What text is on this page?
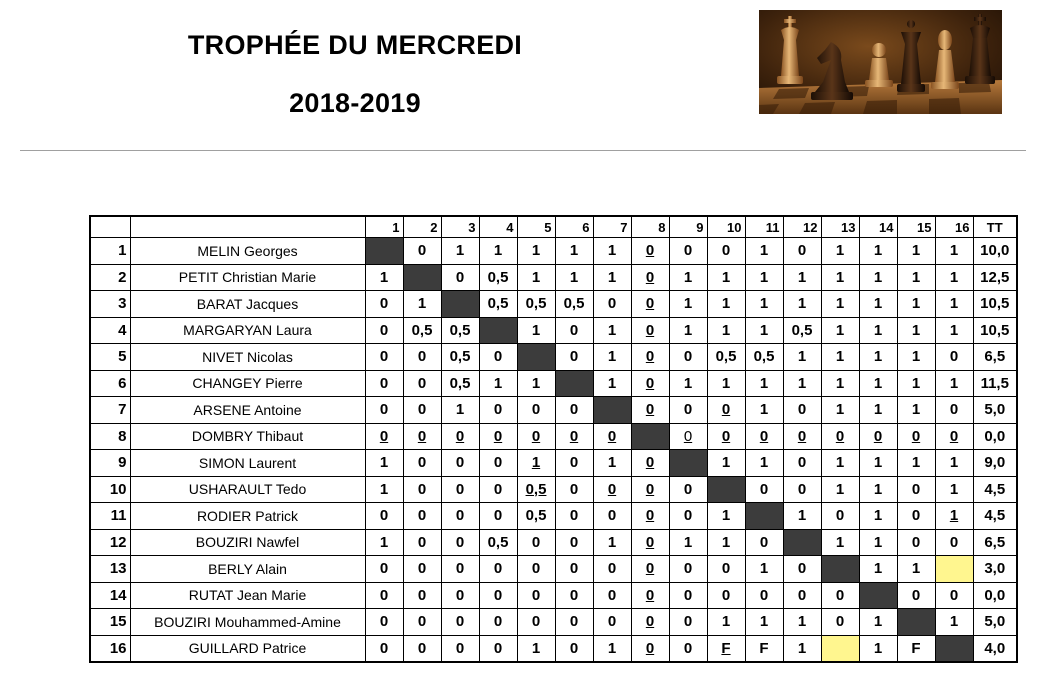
TROPHÉE DU MERCREDI
2018-2019
		1	2	3	4	5	6	7	8	9	10	11	12	13	14	15	16	TT
1	MELIN Georges		0	1	1	1	1	1	0	0	0	1	0	1	1	1	1	10,0
2	PETIT Christian Marie	1		0	0,5	1	1	1	0	1	1	1	1	1	1	1	1	12,5
3	BARAT Jacques	0	1		0,5	0,5	0,5	0	0	1	1	1	1	1	1	1	1	10,5
4	MARGARYAN Laura	0	0,5	0,5		1	0	1	0	1	1	1	0,5	1	1	1	1	10,5
5	NIVET Nicolas	0	0	0,5	0		0	1	0	0	0,5	0,5	1	1	1	1	0	6,5
6	CHANGEY Pierre	0	0	0,5	1	1		1	0	1	1	1	1	1	1	1	1	11,5
7	ARSENE Antoine	0	0	1	0	0	0		0	0	0	1	0	1	1	1	0	5,0
8	DOMBRY Thibaut	0	0	0	0	0	0	0		0	0	0	0	0	0	0	0	0,0
9	SIMON Laurent	1	0	0	0	1	0	1	0		1	1	0	1	1	1	1	9,0
10	USHARAULT Tedo	1	0	0	0	0,5	0	0	0	0		0	0	1	1	0	1	4,5
11	RODIER Patrick	0	0	0	0	0,5	0	0	0	0	1		1	0	1	0	1	4,5
12	BOUZIRI Nawfel	1	0	0	0,5	0	0	1	0	1	1	0		1	1	0	0	6,5
13	BERLY Alain	0	0	0	0	0	0	0	0	0	0	1	0		1	1		3,0
14	RUTAT Jean Marie	0	0	0	0	0	0	0	0	0	0	0	0	0		0	0	0,0
15	BOUZIRI Mouhammed-Amine	0	0	0	0	0	0	0	0	0	1	1	1	0	1		1	5,0
16	GUILLARD Patrice	0	0	0	0	1	0	1	0	0	F	F	1		1	F		4,0
